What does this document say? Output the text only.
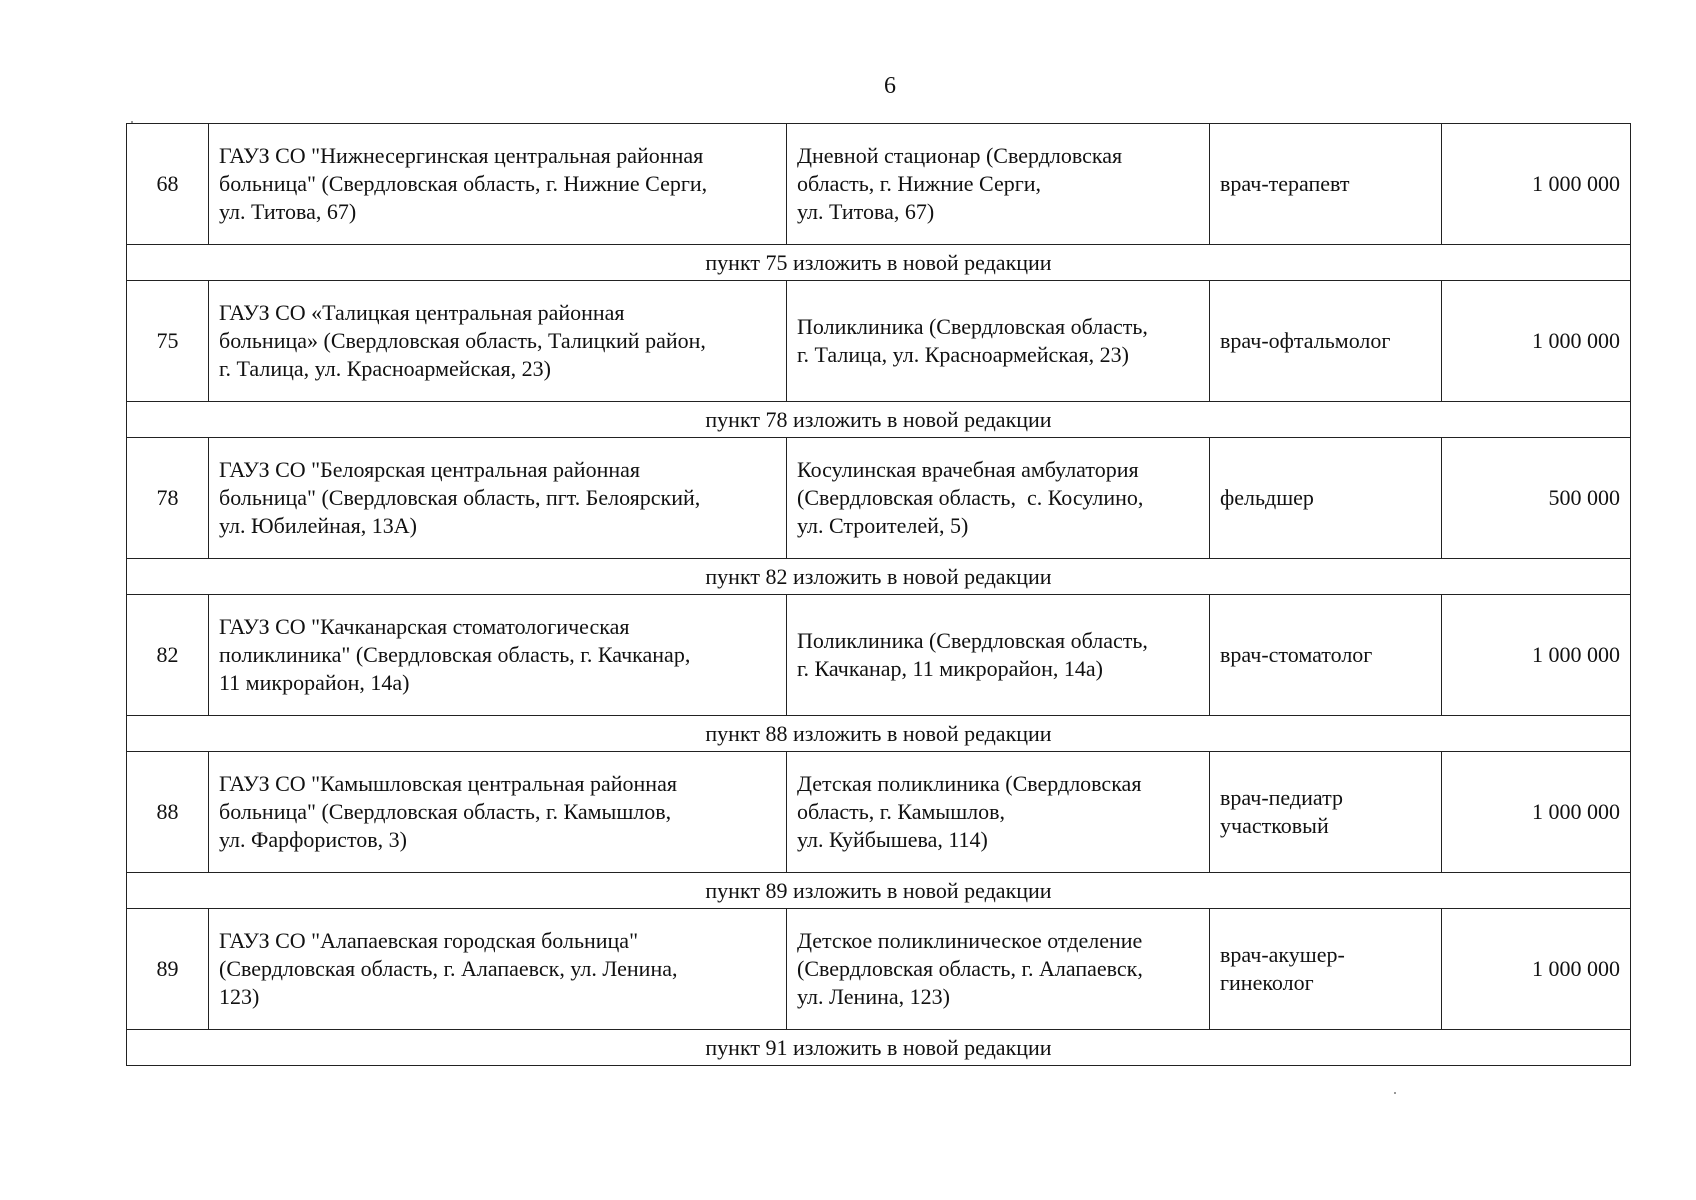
6
68	ГАУЗ СО "Нижнесергинская центральная районная
больница" (Свердловская область, г. Нижние Серги,
ул. Титова, 67)	Дневной стационар (Свердловская
область, г. Нижние Серги,
ул. Титова, 67)	врач-терапевт	1 000 000
пункт 75 изложить в новой редакции				
75	ГАУЗ СО «Талицкая центральная районная
больница» (Свердловская область, Талицкий район,
г. Талица, ул. Красноармейская, 23)	Поликлиника (Свердловская область,
г. Талица, ул. Красноармейская, 23)	врач-офтальмолог	1 000 000
пункт 78 изложить в новой редакции				
78	ГАУЗ СО "Белоярская центральная районная
больница" (Свердловская область, пгт. Белоярский,
ул. Юбилейная, 13А)	Косулинская врачебная амбулатория
(Свердловская область,  с. Косулино,
ул. Строителей, 5)	фельдшер	500 000
пункт 82 изложить в новой редакции				
82	ГАУЗ СО "Качканарская стоматологическая
поликлиника" (Свердловская область, г. Качканар,
11 микрорайон, 14а)	Поликлиника (Свердловская область,
г. Качканар, 11 микрорайон, 14а)	врач-стоматолог	1 000 000
пункт 88 изложить в новой редакции				
88	ГАУЗ СО "Камышловская центральная районная
больница" (Свердловская область, г. Камышлов,
ул. Фарфористов, 3)	Детская поликлиника (Свердловская
область, г. Камышлов,
ул. Куйбышева, 114)	врач-педиатр
участковый	1 000 000
пункт 89 изложить в новой редакции				
89	ГАУЗ СО "Алапаевская городская больница"
(Свердловская область, г. Алапаевск, ул. Ленина,
123)	Детское поликлиническое отделение
(Свердловская область, г. Алапаевск,
ул. Ленина, 123)	врач-акушер-
гинеколог	1 000 000
пункт 91 изложить в новой редакции				
